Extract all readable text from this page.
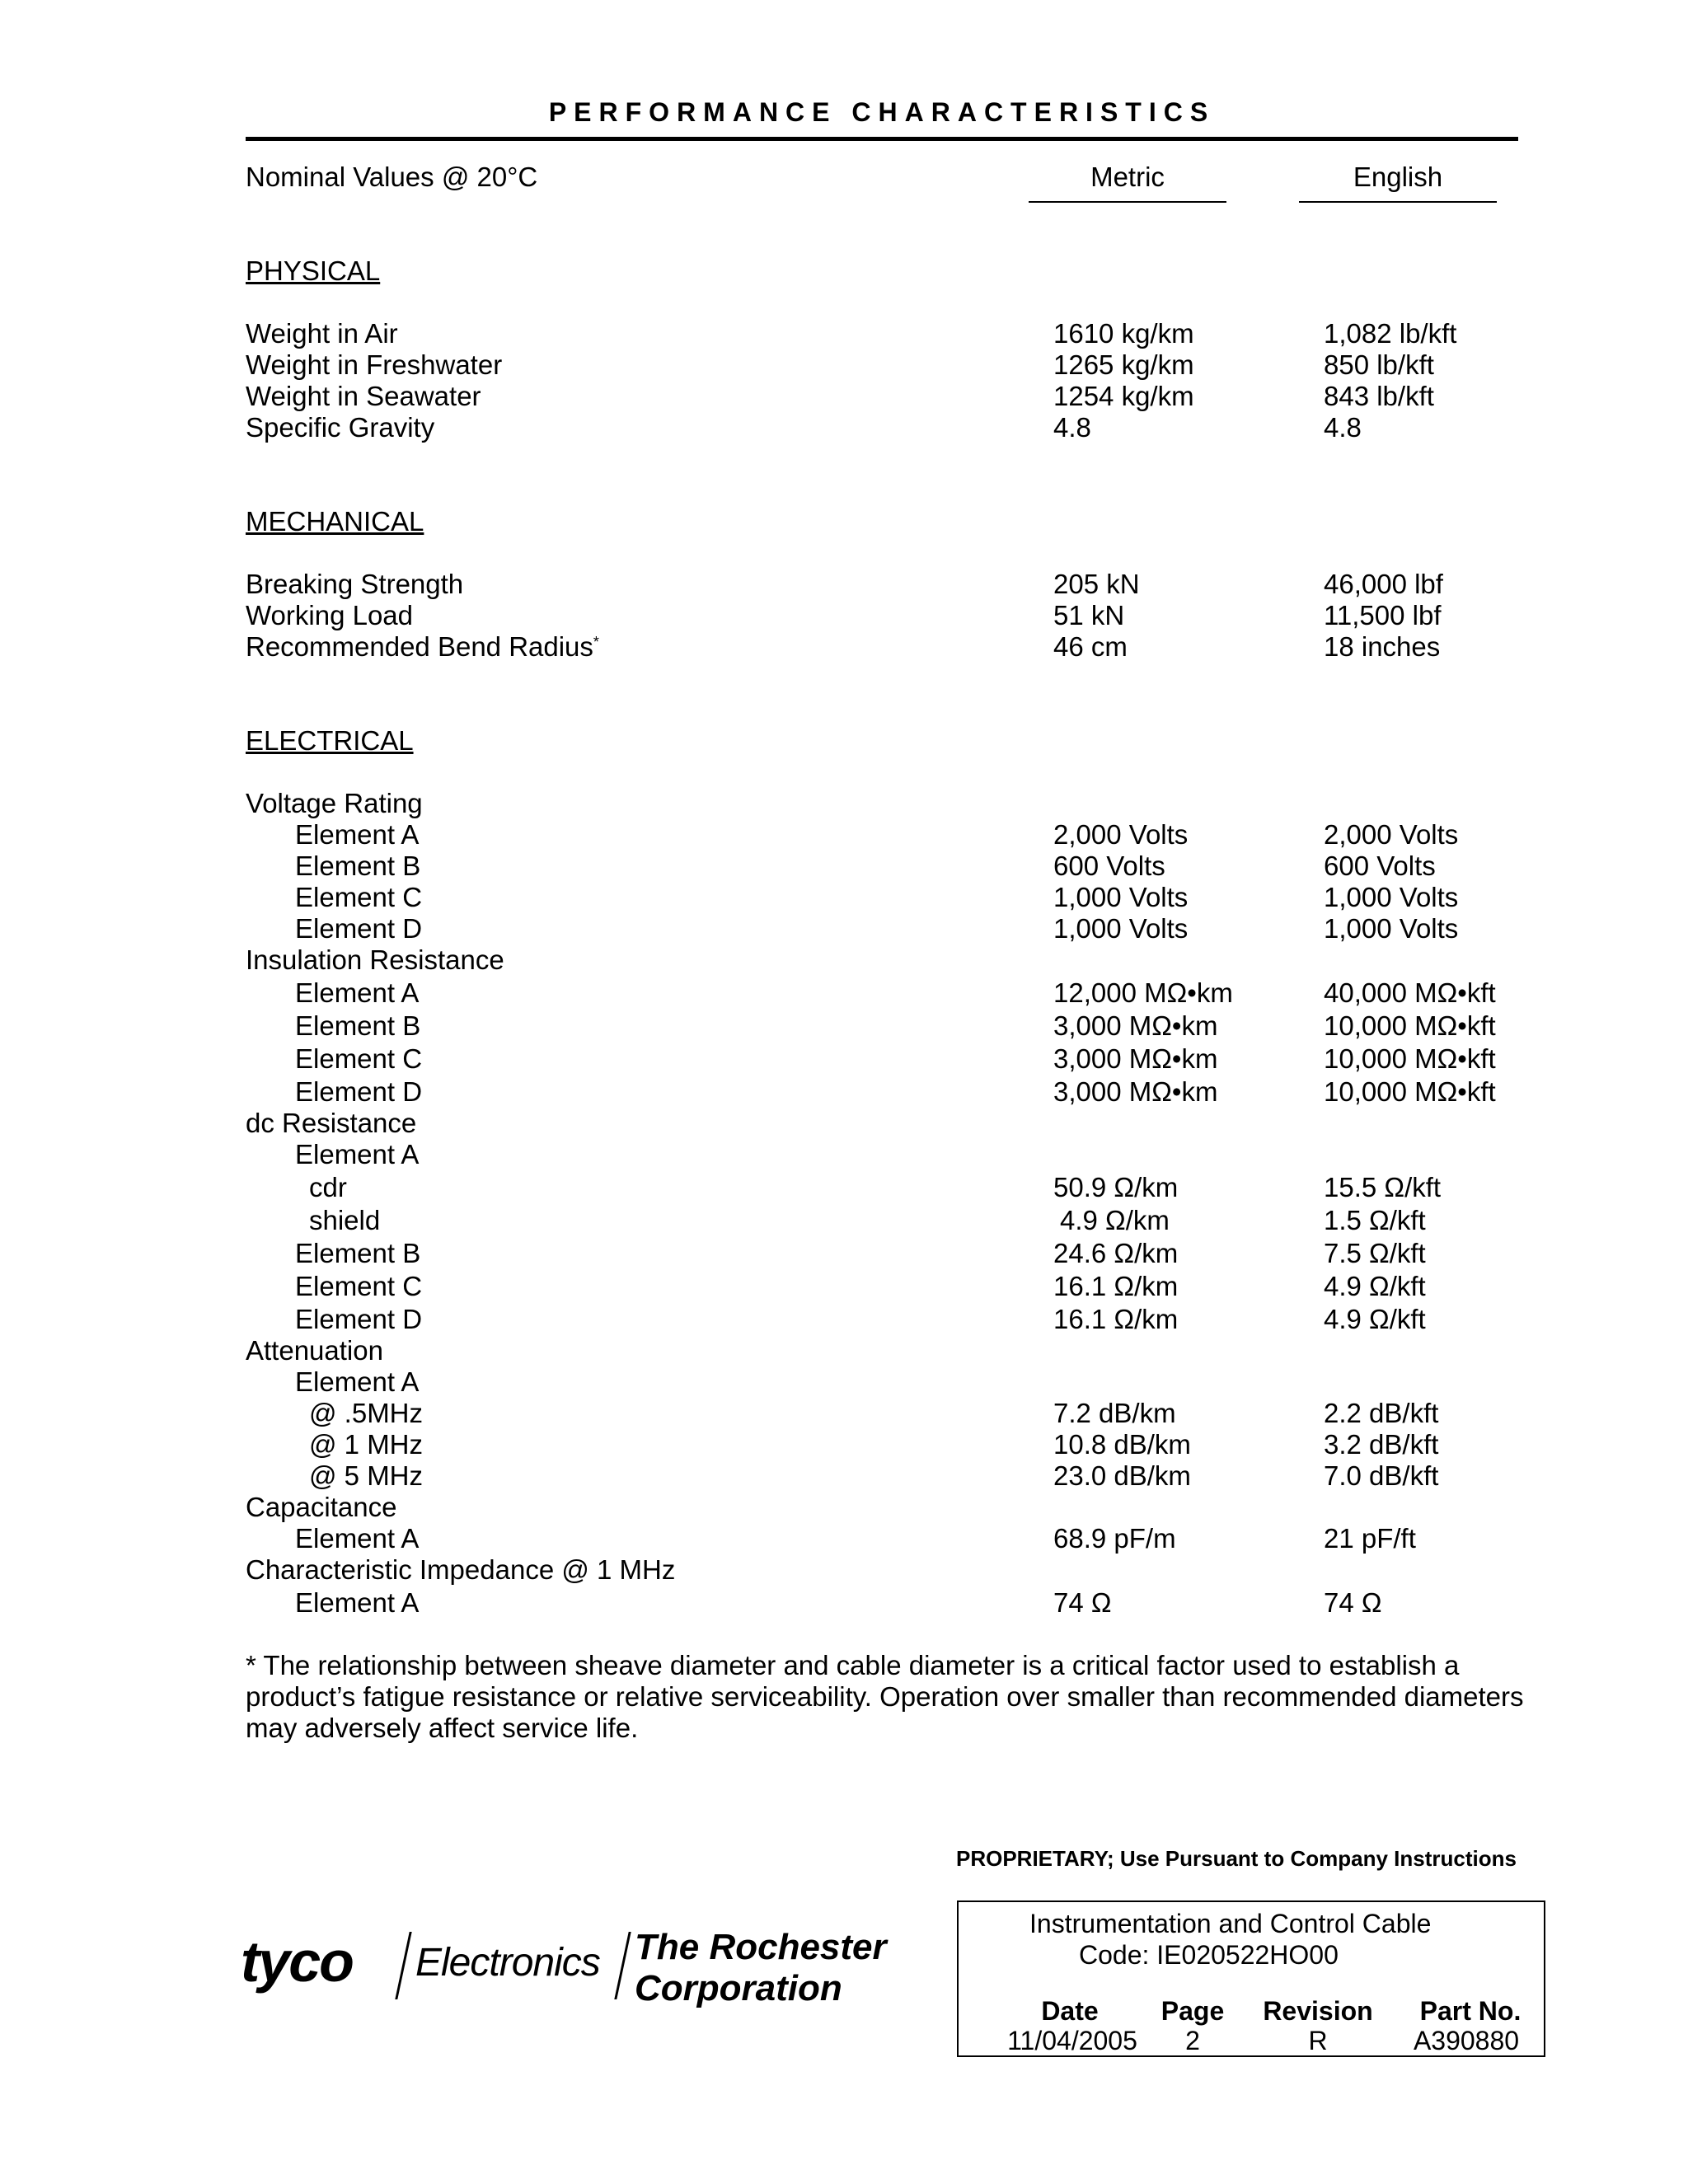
PERFORMANCE CHARACTERISTICS
Nominal Values @ 20°C	Metric	English
PHYSICAL
MECHANICAL
ELECTRICAL
Weight in Air	1610 kg/km	1,082 lb/kft
Weight in Freshwater	1265 kg/km	850 lb/kft
Weight in Seawater	1254 kg/km	843 lb/kft
Specific Gravity	4.8	4.8
Breaking Strength	205 kN	46,000 lbf
Working Load	51 kN	11,500 lbf
Recommended Bend Radius*	46 cm	18 inches
Voltage Rating
Element A	2,000 Volts	2,000 Volts
Element B	600 Volts	600 Volts
Element C	1,000 Volts	1,000 Volts
Element D	1,000 Volts	1,000 Volts
Insulation Resistance
Element A	12,000 MΩ•km	40,000 MΩ•kft
Element B	3,000 MΩ•km	10,000 MΩ•kft
Element C	3,000 MΩ•km	10,000 MΩ•kft
Element D	3,000 MΩ•km	10,000 MΩ•kft
dc Resistance
Element A
cdr	50.9 Ω/km	15.5 Ω/kft
shield	4.9 Ω/km	1.5 Ω/kft
Element B	24.6 Ω/km	7.5 Ω/kft
Element C	16.1 Ω/km	4.9 Ω/kft
Element D	16.1 Ω/km	4.9 Ω/kft
Attenuation
Element A
@ .5MHz	7.2 dB/km	2.2 dB/kft
@ 1 MHz	10.8 dB/km	3.2 dB/kft
@ 5 MHz	23.0 dB/km	7.0 dB/kft
Capacitance
Element A	68.9 pF/m	21 pF/ft
Characteristic Impedance @ 1 MHz
Element A	74 Ω	74 Ω
* The relationship between sheave diameter and cable diameter is a critical factor used to establish a product’s fatigue resistance or relative serviceability. Operation over smaller than recommended diameters may adversely affect service life.
PROPRIETARY; Use Pursuant to Company Instructions
tyco Electronics The Rochester
Corporation
Instrumentation and Control Cable
Code: IE020522HO00
Date	Page	Revision	Part No.
11/04/2005	2	R	A390880
